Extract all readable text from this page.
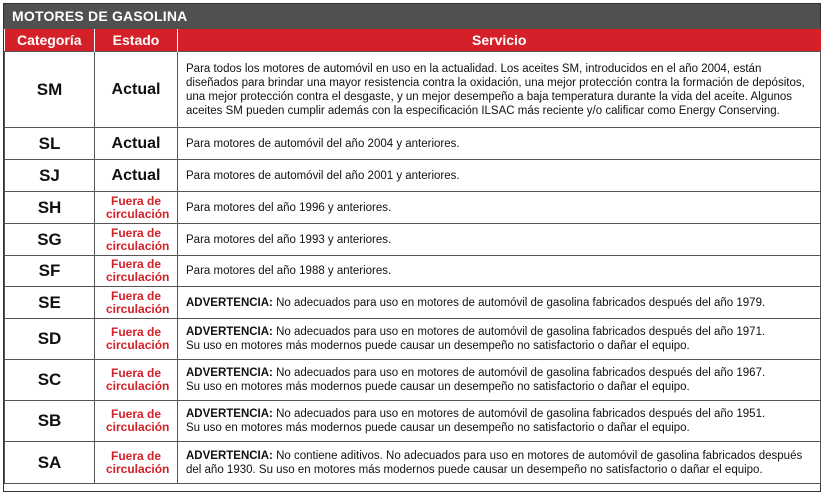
MOTORES DE GASOLINA
Categoría	Estado	Servicio
SM	Actual	Para todos los motores de automóvil en uso en la actualidad. Los aceites SM, introducidos en el año 2004, están
diseñados para brindar una mayor resistencia contra la oxidación, una mejor protección contra la formación de depósitos,
una mejor protección contra el desgaste, y un mejor desempeño a baja temperatura durante la vida del aceite. Algunos
aceites SM pueden cumplir además con la especificación ILSAC más reciente y/o calificar como Energy Conserving.

SL	Actual	Para motores de automóvil del año 2004 y anteriores.

SJ	Actual	Para motores de automóvil del año 2001 y anteriores.

SH	Fuera de circulación	Para motores del año 1996 y anteriores.

SG	Fuera de circulación	Para motores del año 1993 y anteriores.

SF	Fuera de circulación	Para motores del año 1988 y anteriores.

SE	Fuera de circulación	ADVERTENCIA: No adecuados para uso en motores de automóvil de gasolina fabricados después del año 1979.

SD	Fuera de circulación	ADVERTENCIA: No adecuados para uso en motores de automóvil de gasolina fabricados después del año 1971.
Su uso en motores más modernos puede causar un desempeño no satisfactorio o dañar el equipo.

SC	Fuera de circulación	ADVERTENCIA: No adecuados para uso en motores de automóvil de gasolina fabricados después del año 1967.
Su uso en motores más modernos puede causar un desempeño no satisfactorio o dañar el equipo.

SB	Fuera de circulación	ADVERTENCIA: No adecuados para uso en motores de automóvil de gasolina fabricados después del año 1951.
Su uso en motores más modernos puede causar un desempeño no satisfactorio o dañar el equipo.

SA	Fuera de circulación	ADVERTENCIA: No contiene aditivos. No adecuados para uso en motores de automóvil de gasolina fabricados después
del año 1930. Su uso en motores más modernos puede causar un desempeño no satisfactorio o dañar el equipo.
